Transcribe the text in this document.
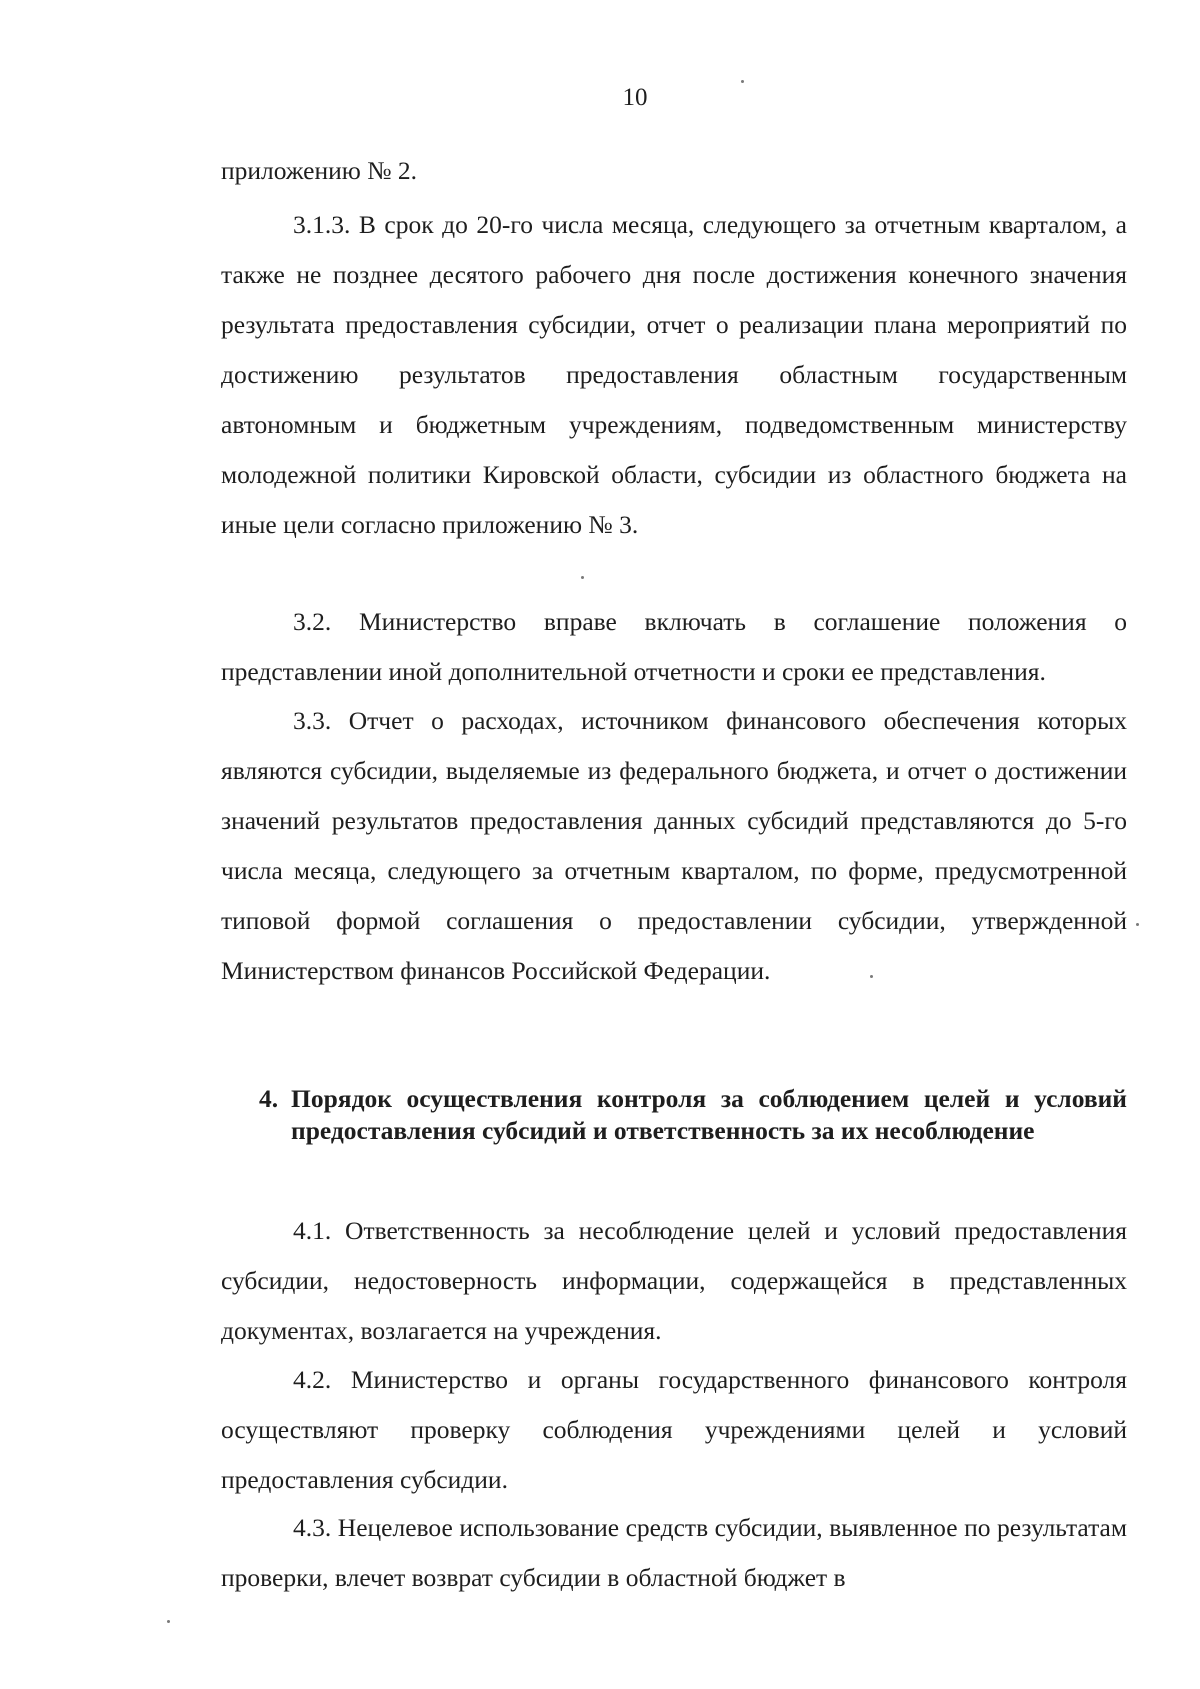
10

приложению № 2.

3.1.3. В срок до 20-го числа месяца, следующего за отчетным кварталом, а также не позднее десятого рабочего дня после достижения конечного значения результата предоставления субсидии, отчет о реализации плана мероприятий по достижению результатов предоставления областным государственным автономным и бюджетным учреждениям, подведомственным министерству молодежной политики Кировской области, субсидии из областного бюджета на иные цели согласно приложению № 3.

3.2. Министерство вправе включать в соглашение положения о представлении иной дополнительной отчетности и сроки ее представления.

3.3. Отчет о расходах, источником финансового обеспечения которых являются субсидии, выделяемые из федерального бюджета, и отчет о достижении значений результатов предоставления данных субсидий представляются до 5-го числа месяца, следующего за отчетным кварталом, по форме, предусмотренной типовой формой соглашения о предоставлении субсидии, утвержденной Министерством финансов Российской Федерации.

4. Порядок осуществления контроля за соблюдением целей и условий предоставления субсидий и ответственность за их несоблюдение

4.1. Ответственность за несоблюдение целей и условий предоставления субсидии, недостоверность информации, содержащейся в представленных документах, возлагается на учреждения.

4.2. Министерство и органы государственного финансового контроля осуществляют проверку соблюдения учреждениями целей и условий предоставления субсидии.

4.3. Нецелевое использование средств субсидии, выявленное по результатам проверки, влечет возврат субсидии в областной бюджет в
